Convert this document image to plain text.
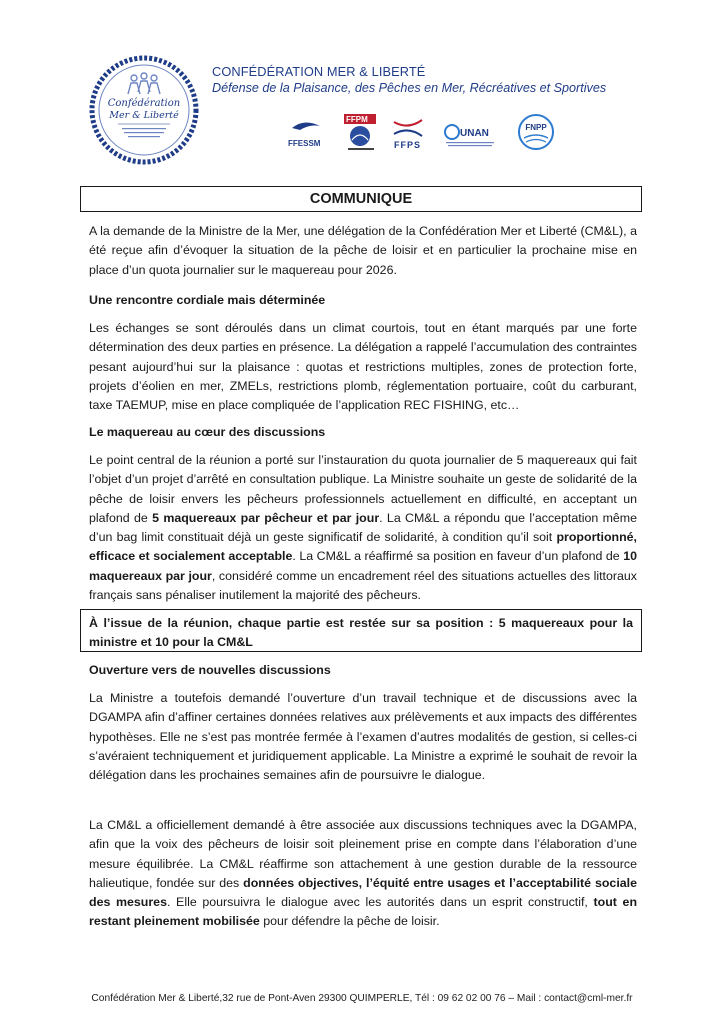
Confédération
Mer & Liberté
CONFÉDÉRATION MER & LIBERTÉ
Défense de la Plaisance, des Pêches en Mer, Récréatives et Sportives
FFESSM
FFPM
FFPS
UNAN
FNPP
COMMUNIQUE
A la demande de la Ministre de la Mer, une délégation de la Confédération Mer et Liberté (CM&L), a été reçue afin d’évoquer la situation de la pêche de loisir et en particulier la prochaine mise en place d’un quota journalier sur le maquereau pour 2026.
Une rencontre cordiale mais déterminée
Les échanges se sont déroulés dans un climat courtois, tout en étant marqués par une forte détermination des deux parties en présence. La délégation a rappelé l’accumulation des contraintes pesant aujourd’hui sur la plaisance : quotas et restrictions multiples, zones de protection forte, projets d’éolien en mer, ZMELs, restrictions plomb, réglementation portuaire, coût du carburant, taxe TAEMUP, mise en place compliquée de l’application REC FISHING, etc…
Le maquereau au cœur des discussions
Le point central de la réunion a porté sur l’instauration du quota journalier de 5 maquereaux qui fait l’objet d’un projet d’arrêté en consultation publique. La Ministre souhaite un geste de solidarité de la pêche de loisir envers les pêcheurs professionnels actuellement en difficulté, en acceptant un plafond de 5 maquereaux par pêcheur et par jour. La CM&L a répondu que l’acceptation même d’un bag limit constituait déjà un geste significatif de solidarité, à condition qu’il soit proportionné, efficace et socialement acceptable. La CM&L a réaffirmé sa position en faveur d’un plafond de 10 maquereaux par jour, considéré comme un encadrement réel des situations actuelles des littoraux français sans pénaliser inutilement la majorité des pêcheurs.
À l’issue de la réunion, chaque partie est restée sur sa position : 5 maquereaux pour la ministre et 10 pour la CM&L
Ouverture vers de nouvelles discussions
La Ministre a toutefois demandé l’ouverture d’un travail technique et de discussions avec la DGAMPA afin d’affiner certaines données relatives aux prélèvements et aux impacts des différentes hypothèses. Elle ne s’est pas montrée fermée à l’examen d’autres modalités de gestion, si celles-ci s’avéraient techniquement et juridiquement applicable. La Ministre a exprimé le souhait de revoir la délégation dans les prochaines semaines afin de poursuivre le dialogue.
La CM&L a officiellement demandé à être associée aux discussions techniques avec la DGAMPA, afin que la voix des pêcheurs de loisir soit pleinement prise en compte dans l’élaboration d’une mesure équilibrée. La CM&L réaffirme son attachement à une gestion durable de la ressource halieutique, fondée sur des données objectives, l’équité entre usages et l’acceptabilité sociale des mesures. Elle poursuivra le dialogue avec les autorités dans un esprit constructif, tout en restant pleinement mobilisée pour défendre la pêche de loisir.
Confédération Mer & Liberté,32 rue de Pont-Aven 29300 QUIMPERLE, Tél : 09 62 02 00 76 – Mail : contact@cml-mer.fr
